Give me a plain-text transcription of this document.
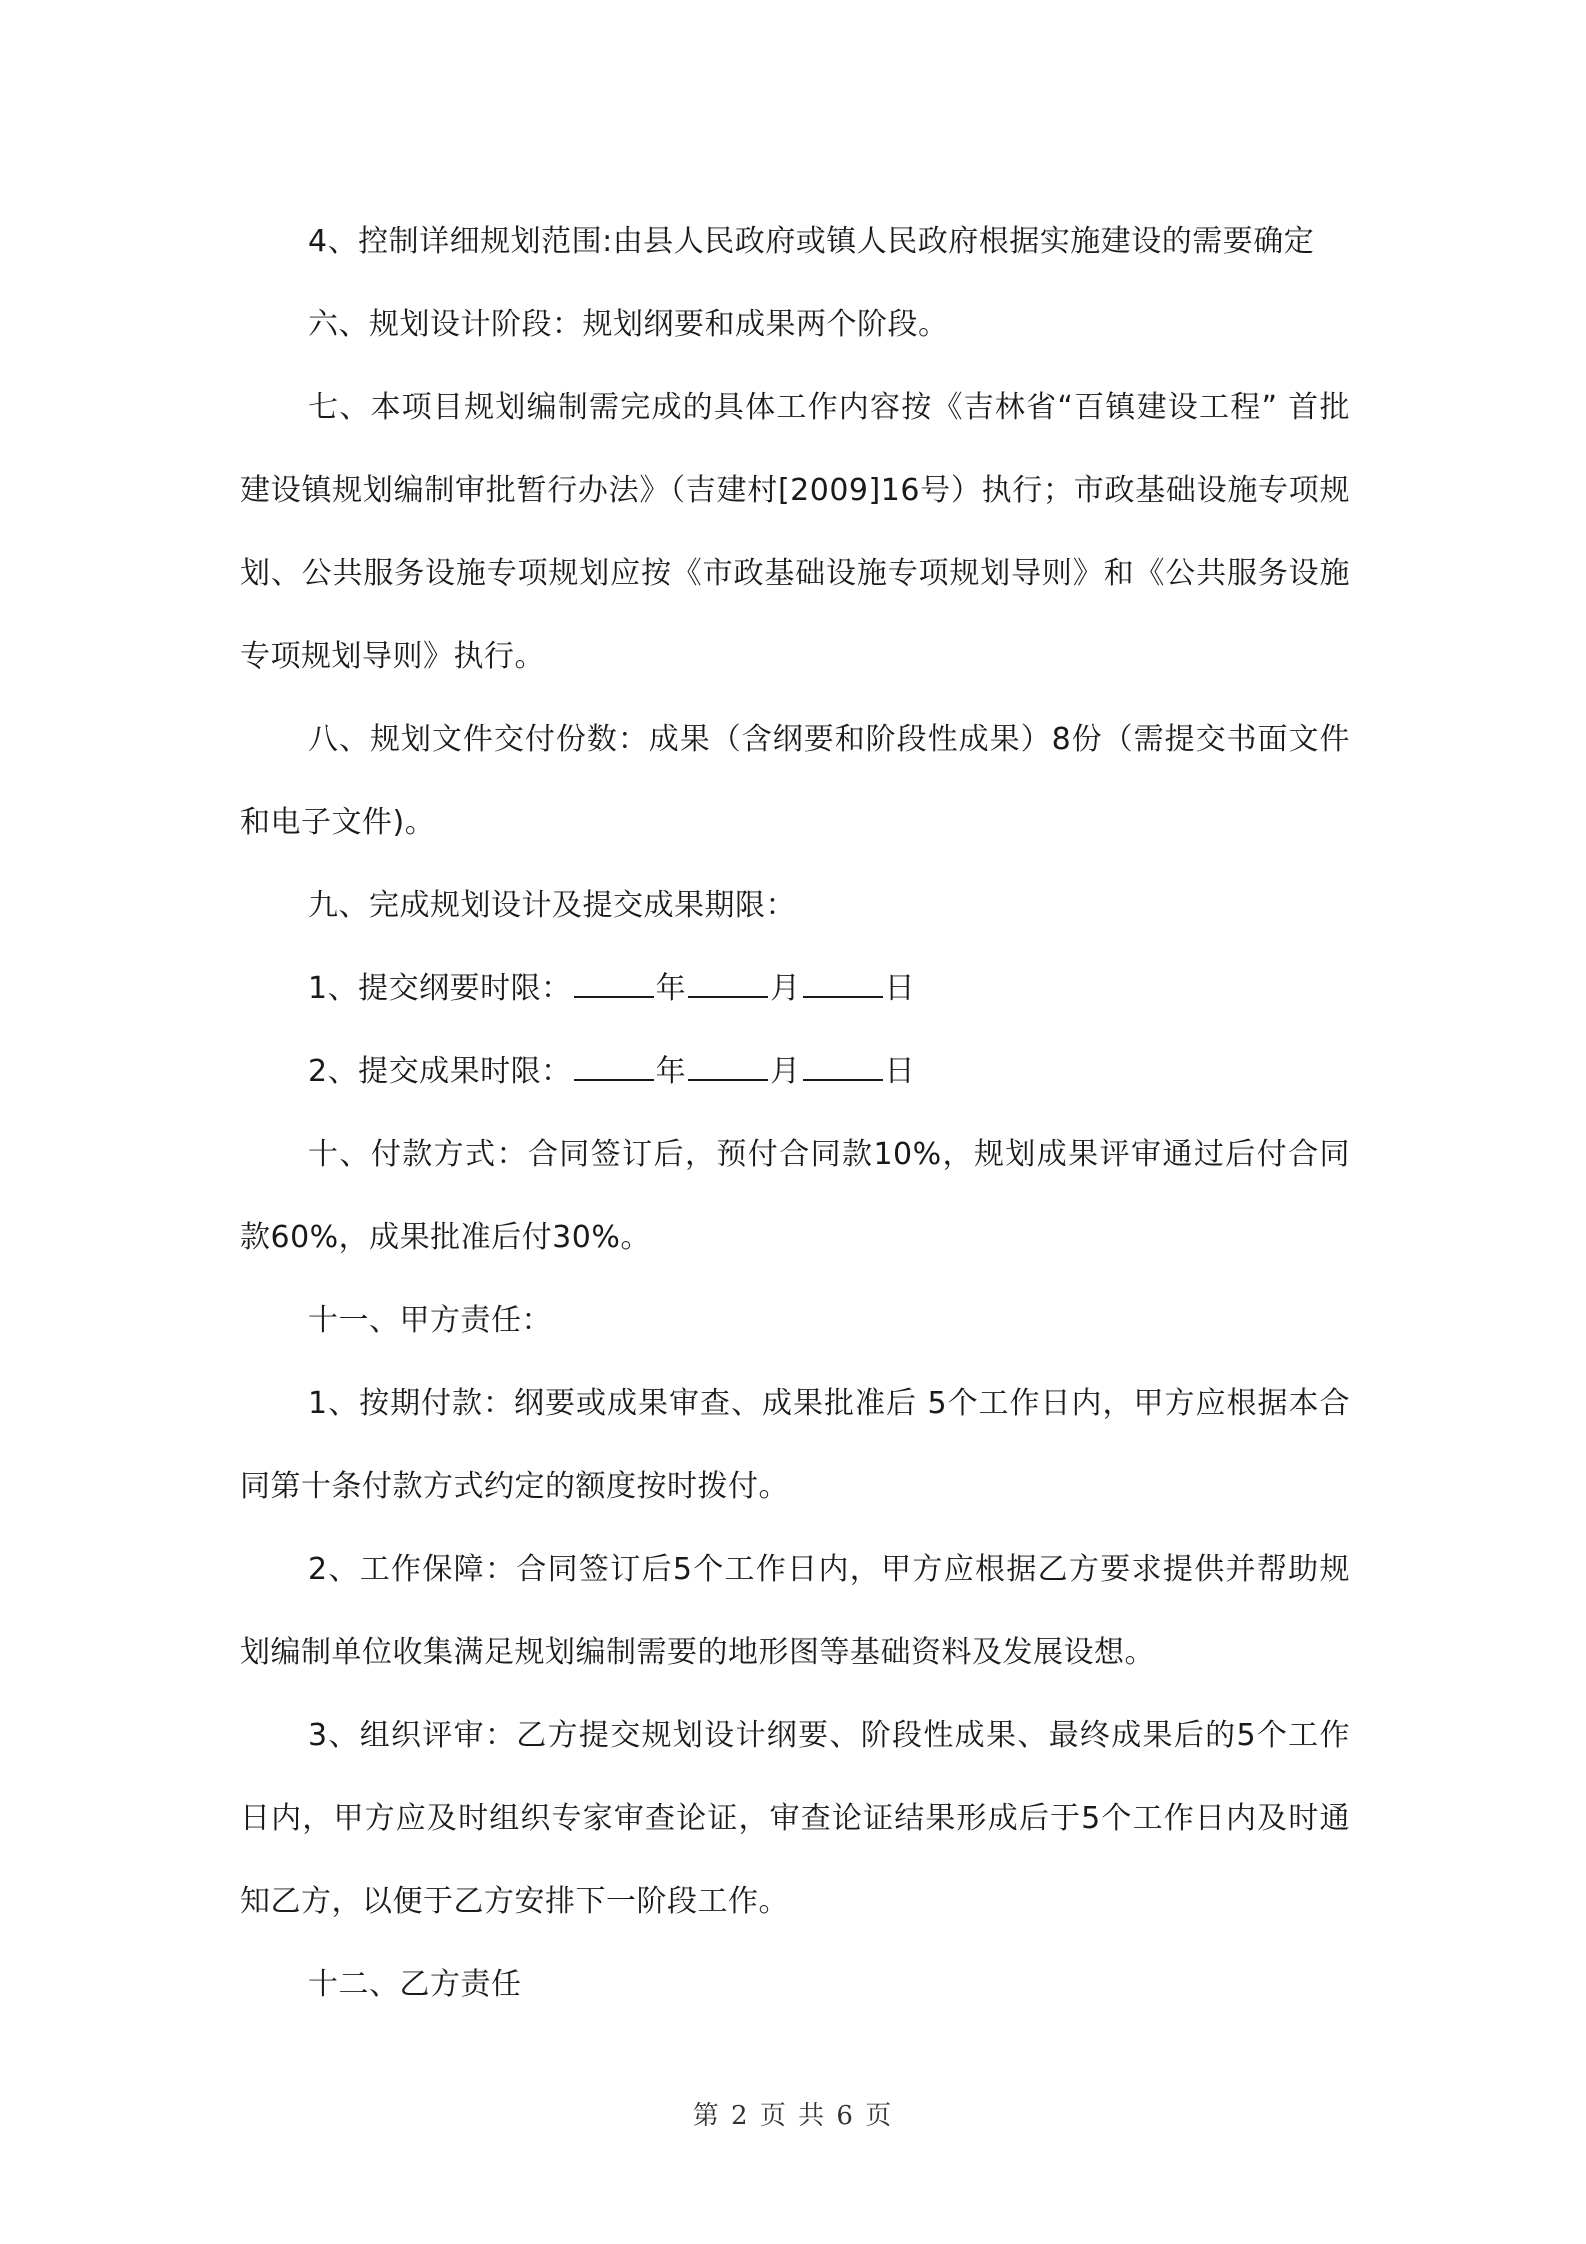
4、控制详细规划范围:由县人民政府或镇人民政府根据实施建设的需要确定

六、规划设计阶段：规划纲要和成果两个阶段。

七、本项目规划编制需完成的具体工作内容按《吉林省“百镇建设工程” 首批建设镇规划编制审批暂行办法》（吉建村[2009]16号）执行；市政基础设施专项规划、公共服务设施专项规划应按《市政基础设施专项规划导则》和《公共服务设施专项规划导则》执行。

八、规划文件交付份数：成果（含纲要和阶段性成果）8份（需提交书面文件和电子文件)。

九、完成规划设计及提交成果期限：

1、提交纲要时限：	年	月	日

2、提交成果时限：	年	月	日

十、付款方式：合同签订后，预付合同款10%，规划成果评审通过后付合同款60%，成果批准后付30%。

十一、甲方责任：

1、按期付款：纲要或成果审查、成果批准后 5个工作日内，甲方应根据本合同第十条付款方式约定的额度按时拨付。

2、工作保障：合同签订后5个工作日内，甲方应根据乙方要求提供并帮助规划编制单位收集满足规划编制需要的地形图等基础资料及发展设想。

3、组织评审：乙方提交规划设计纲要、阶段性成果、最终成果后的5个工作日内，甲方应及时组织专家审查论证，审查论证结果形成后于5个工作日内及时通知乙方，以便于乙方安排下一阶段工作。

十二、乙方责任

第 2 页 共 6 页
